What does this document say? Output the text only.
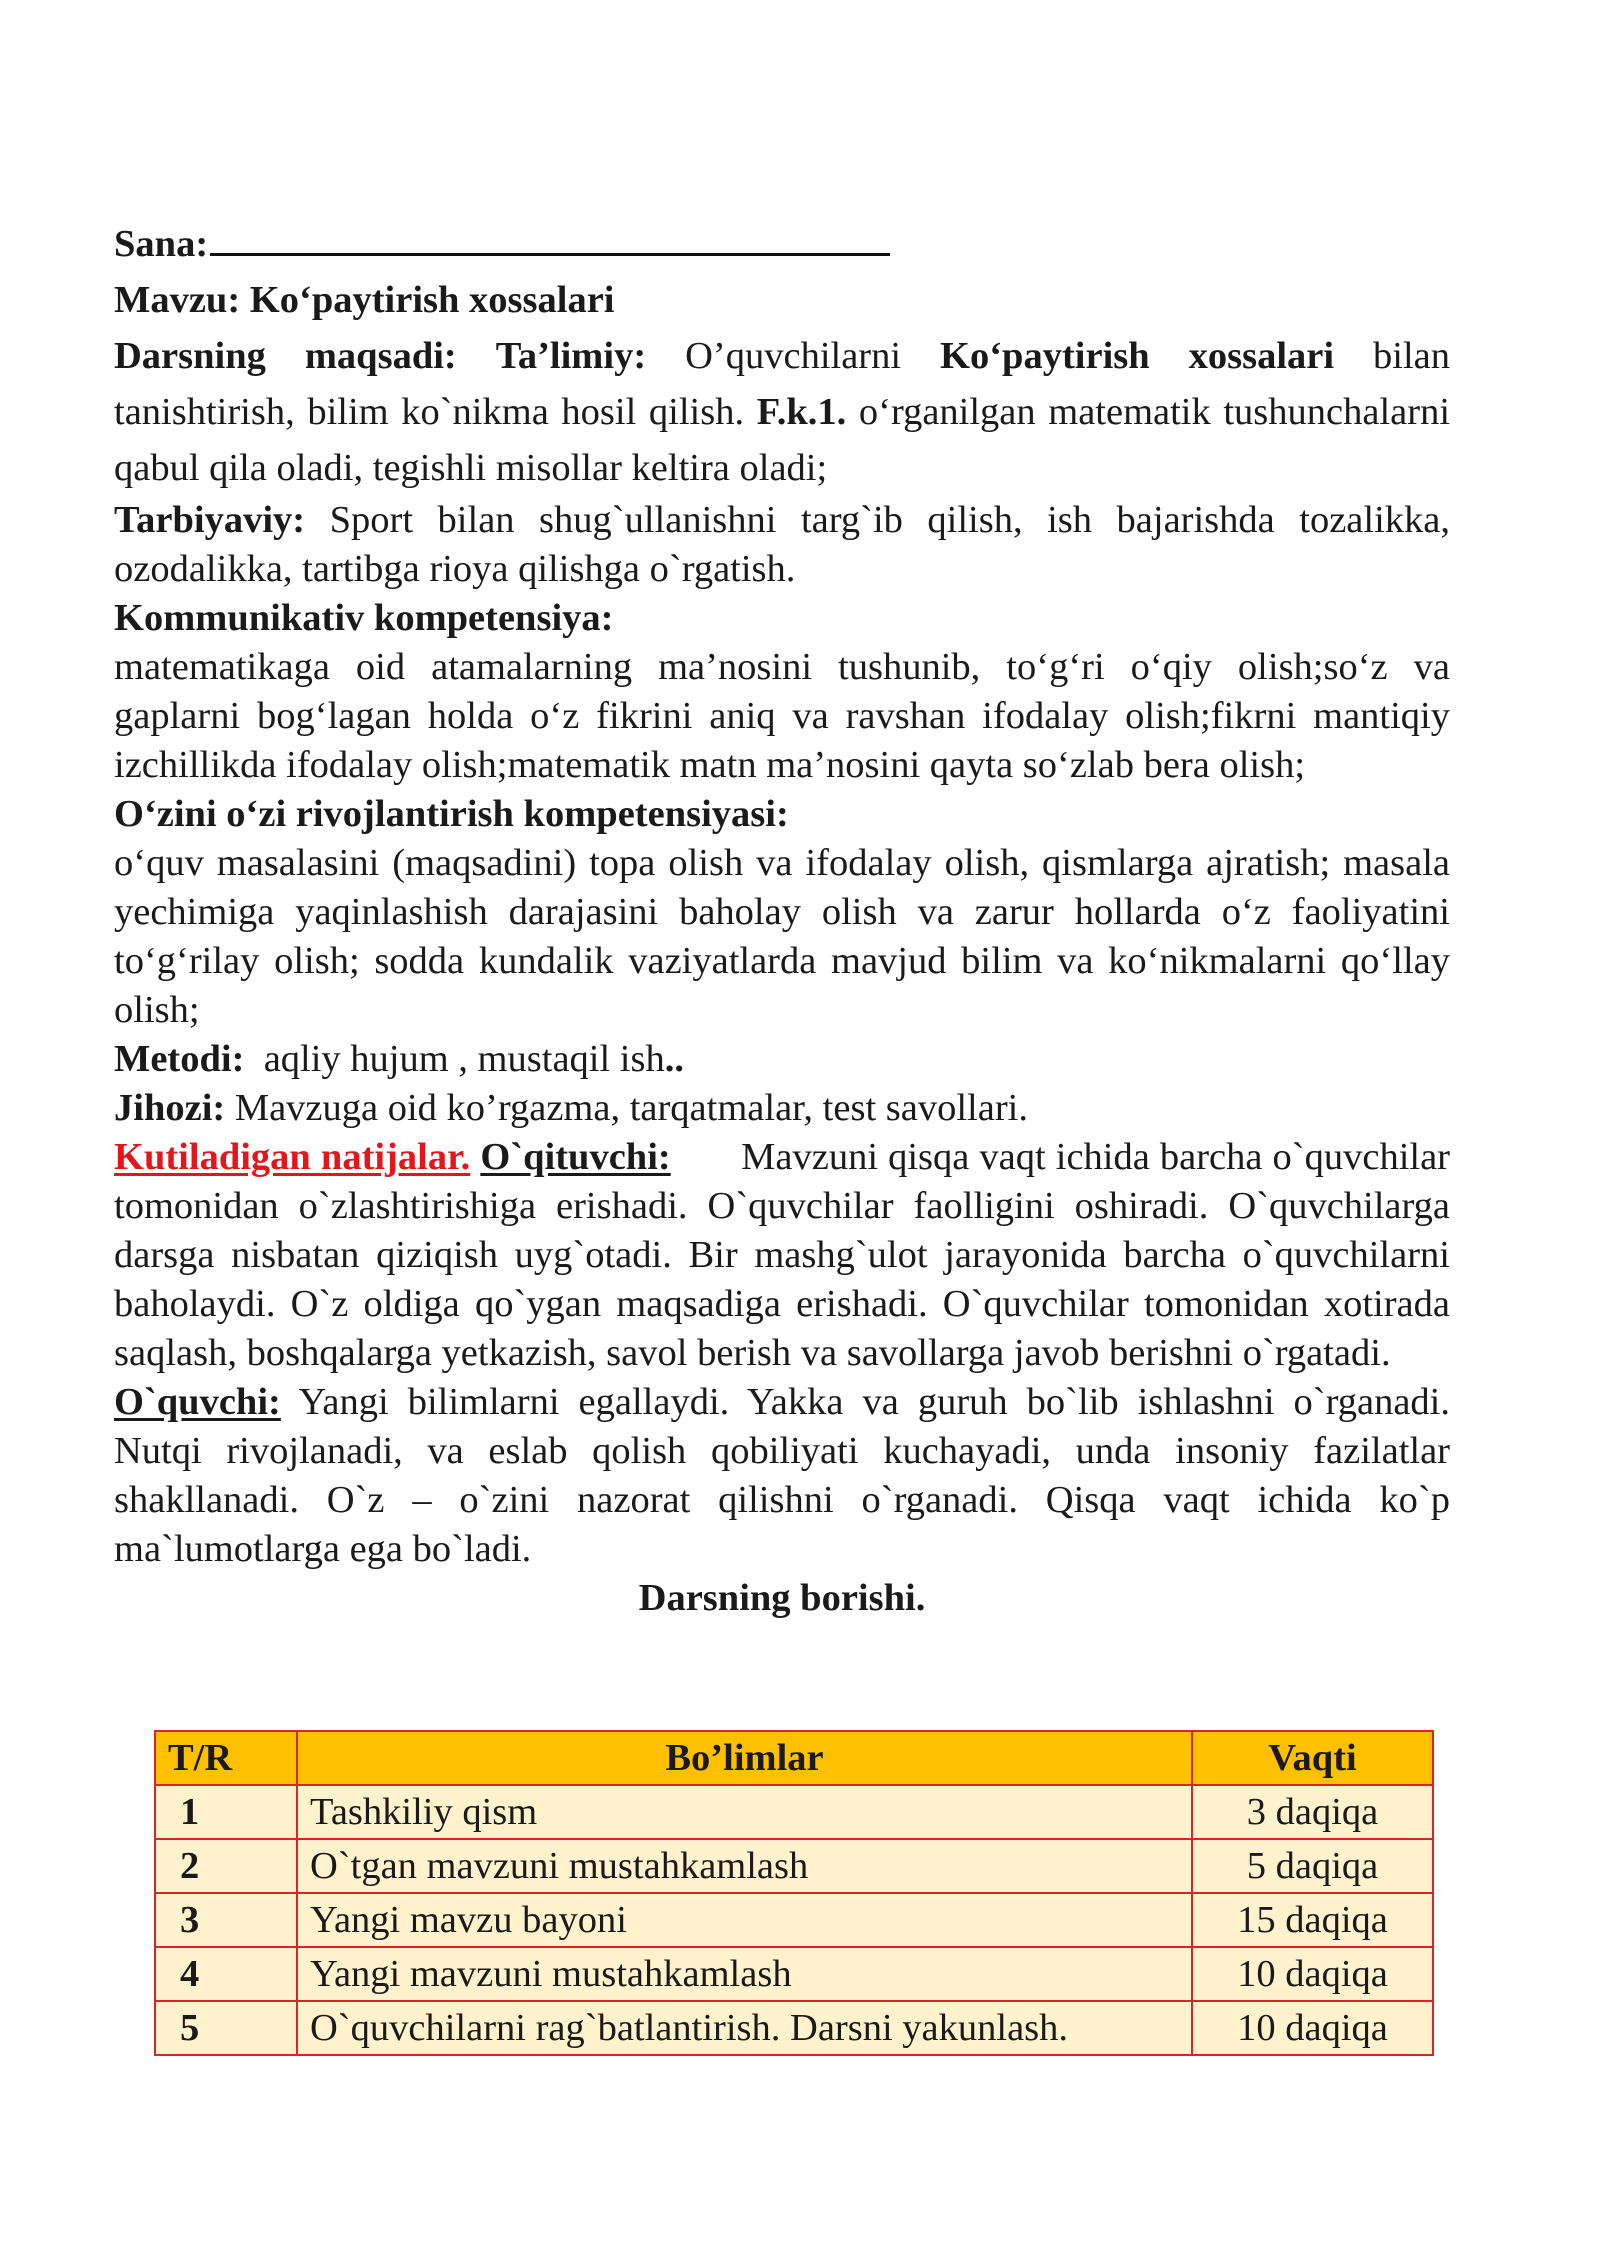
Sana:

Mavzu: Ko‘paytirish xossalari

Darsning maqsadi: Ta’limiy: O’quvchilarni Ko‘paytirish xossalari bilan tanishtirish, bilim ko`nikma hosil qilish. F.k.1. o‘rganilgan matematik tushunchalarni qabul qila oladi, tegishli misollar keltira oladi;

Tarbiyaviy: Sport bilan shug`ullanishni targ`ib qilish, ish bajarishda tozalikka, ozodalikka, tartibga rioya qilishga o`rgatish.

Kommunikativ kompetensiya:

matematikaga oid atamalarning ma’nosini tushunib, to‘g‘ri o‘qiy olish;so‘z va gaplarni bog‘lagan holda o‘z fikrini aniq va ravshan ifodalay olish;fikrni mantiqiy izchillikda ifodalay olish;matematik matn ma’nosini qayta so‘zlab bera olish;

O‘zini o‘zi rivojlantirish kompetensiyasi:

o‘quv masalasini (maqsadini) topa olish va ifodalay olish, qismlarga ajratish; masala yechimiga yaqinlashish darajasini baholay olish va zarur hollarda o‘z faoliyatini to‘g‘rilay olish; sodda kundalik vaziyatlarda mavjud bilim va ko‘nikmalarni qo‘llay olish;

Metodi: aqliy hujum , mustaqil ish..

Jihozi: Mavzuga oid ko’rgazma, tarqatmalar, test savollari.

Kutiladigan natijalar. O`qituvchi: Mavzuni qisqa vaqt ichida barcha o`quvchilar tomonidan o`zlashtirishiga erishadi. O`quvchilar faolligini oshiradi. O`quvchilarga darsga nisbatan qiziqish uyg`otadi. Bir mashg`ulot jarayonida barcha o`quvchilarni baholaydi. O`z oldiga qo`ygan maqsadiga erishadi. O`quvchilar tomonidan xotirada saqlash, boshqalarga yetkazish, savol berish va savollarga javob berishni o`rgatadi.

O`quvchi: Yangi bilimlarni egallaydi. Yakka va guruh bo`lib ishlashni o`rganadi. Nutqi rivojlanadi, va eslab qolish qobiliyati kuchayadi, unda insoniy fazilatlar shakllanadi. O`z – o`zini nazorat qilishni o`rganadi. Qisqa vaqt ichida ko`p ma`lumotlarga ega bo`ladi.

Darsning borishi.

T/R	Bo’limlar	Vaqti
1	Tashkiliy qism	3 daqiqa
2	O`tgan mavzuni mustahkamlash	5 daqiqa
3	Yangi mavzu bayoni	15 daqiqa
4	Yangi mavzuni mustahkamlash	10 daqiqa
5	O`quvchilarni rag`batlantirish. Darsni yakunlash.	10 daqiqa
